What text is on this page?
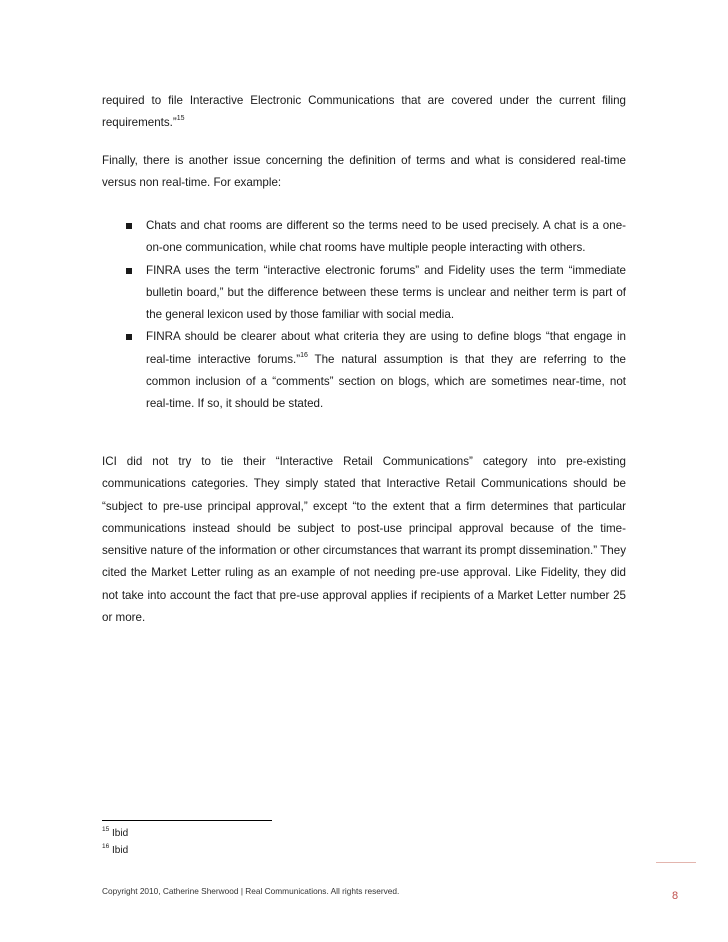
required to file Interactive Electronic Communications that are covered under the current filing requirements.”$^{15}$

Finally, there is another issue concerning the definition of terms and what is considered real-time versus non real-time. For example:

Chats and chat rooms are different so the terms need to be used precisely. A chat is a one-on-one communication, while chat rooms have multiple people interacting with others.
FINRA uses the term “interactive electronic forums” and Fidelity uses the term “immediate bulletin board,” but the difference between these terms is unclear and neither term is part of the general lexicon used by those familiar with social media.
FINRA should be clearer about what criteria they are using to define blogs “that engage in real-time interactive forums.”$^{16}$ The natural assumption is that they are referring to the common inclusion of a “comments” section on blogs, which are sometimes near-time, not real-time. If so, it should be stated.

ICI did not try to tie their “Interactive Retail Communications” category into pre-existing communications categories. They simply stated that Interactive Retail Communications should be “subject to pre-use principal approval,” except “to the extent that a firm determines that particular communications instead should be subject to post-use principal approval because of the time-sensitive nature of the information or other circumstances that warrant its prompt dissemination.” They cited the Market Letter ruling as an example of not needing pre-use approval. Like Fidelity, they did not take into account the fact that pre-use approval applies if recipients of a Market Letter number 25 or more.

$^{15}$ Ibid
$^{16}$ Ibid
Copyright 2010, Catherine Sherwood | Real Communications. All rights reserved.	8
